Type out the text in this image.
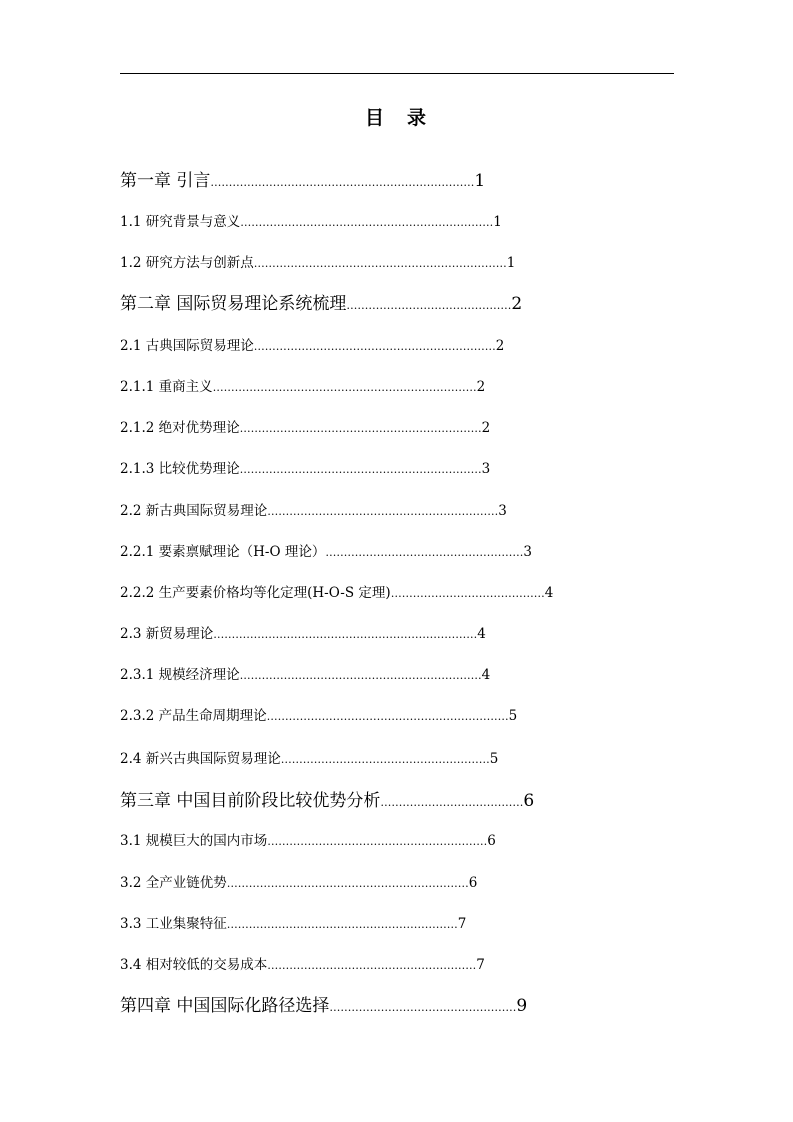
目　录
第一章 引言………………………………………………………………1
1.1 研究背景与意义……………………………………………………………1
1.2 研究方法与创新点……………………………………………………………1
第二章 国际贸易理论系统梳理………………………………………2
2.1 古典国际贸易理论…………………………………………………………2
2.1.1 重商主义………………………………………………………………2
2.1.2 绝对优势理论…………………………………………………………2
2.1.3 比较优势理论…………………………………………………………3
2.2 新古典国际贸易理论………………………………………………………3
2.2.1 要素禀赋理论（H-O 理论）………………………………………………3
2.2.2 生产要素价格均等化定理(H-O-S 定理)……………………………………4
2.3 新贸易理论………………………………………………………………4
2.3.1 规模经济理论…………………………………………………………4
2.3.2 产品生命周期理论…………………………………………………………5
2.4 新兴古典国际贸易理论…………………………………………………5
第三章 中国目前阶段比较优势分析…………………………………6
3.1 规模巨大的国内市场……………………………………………………6
3.2 全产业链优势…………………………………………………………6
3.3 工业集聚特征………………………………………………………7
3.4 相对较低的交易成本…………………………………………………7
第四章 中国国际化路径选择……………………………………………9
